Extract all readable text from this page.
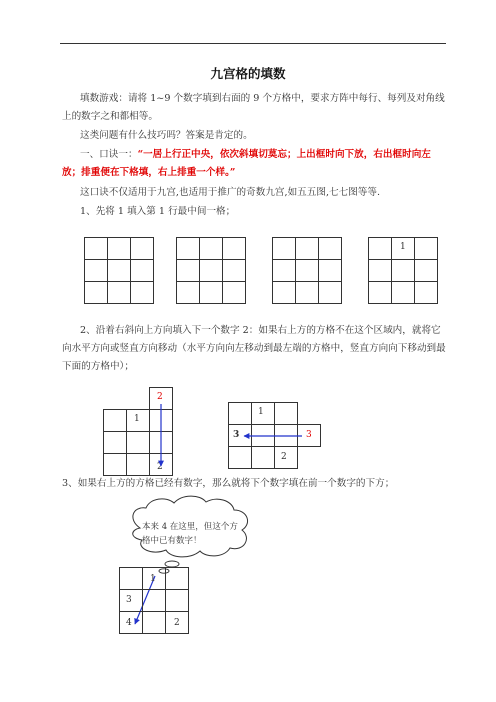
九宫格的填数
填数游戏：请将 1~9 个数字填到右面的 9 个方格中，要求方阵中每行、每列及对角线上的数字之和都相等。
这类问题有什么技巧吗？答案是肯定的。
一、口诀一：“一居上行正中央，依次斜填切莫忘；上出框时向下放，右出框时向左放；排重便在下格填，右上排重一个样。”
这口诀不仅适用于九宫,也适用于推广的奇数九宫,如五五图,七七图等等.
1、先将 1 填入第 1 行最中间一格；
1
2、沿着右斜向上方向填入下一个数字 2：如果右上方的方格不在这个区域内，就将它向水平方向或竖直方向移动（水平方向向左移动到最左端的方格中，竖直方向向下移动到最下面的方格中）；
2
1
2
1
3	3
2
3、如果右上方的方格已经有数字，那么就将下个数字填在前一个数字的下方；
本来 4 在这里，但这个方格中已有数字！
1
3
4	2
